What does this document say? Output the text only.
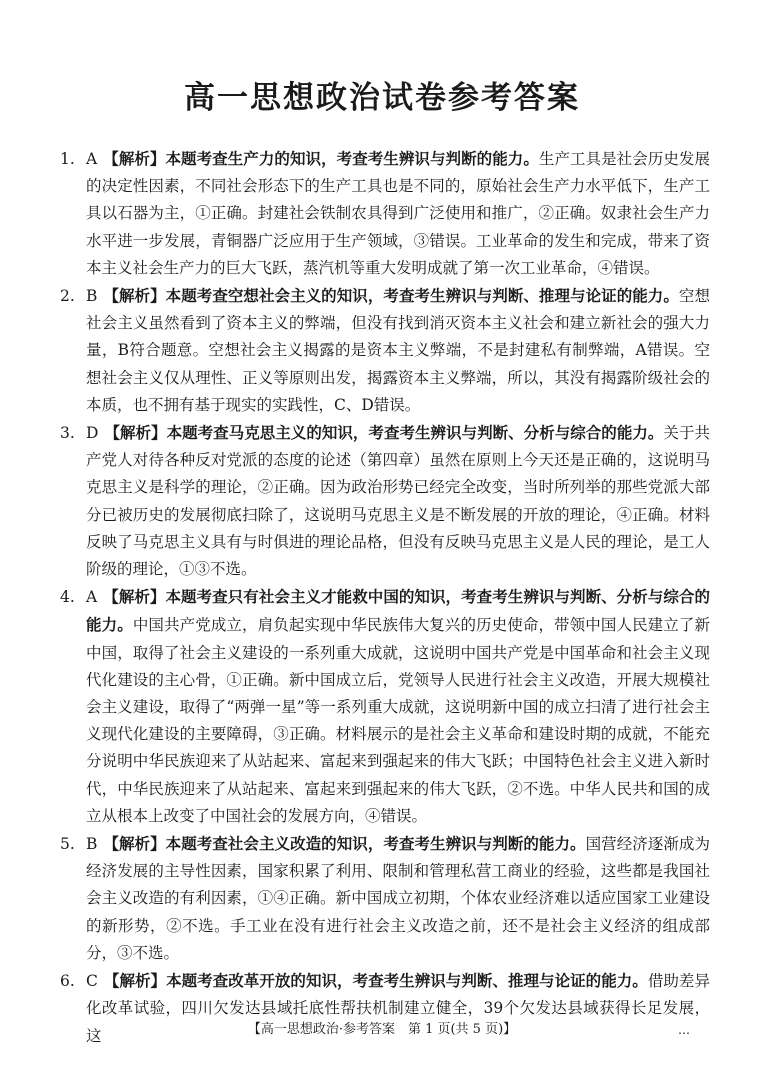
高一思想政治试卷参考答案

1. A 【解析】本题考查生产力的知识，考查考生辨识与判断的能力。生产工具是社会历史发展的决定性因素，不同社会形态下的生产工具也是不同的，原始社会生产力水平低下，生产工具以石器为主，①正确。封建社会铁制农具得到广泛使用和推广，②正确。奴隶社会生产力水平进一步发展，青铜器广泛应用于生产领域，③错误。工业革命的发生和完成，带来了资本主义社会生产力的巨大飞跃，蒸汽机等重大发明成就了第一次工业革命，④错误。

2. B 【解析】本题考查空想社会主义的知识，考查考生辨识与判断、推理与论证的能力。空想社会主义虽然看到了资本主义的弊端，但没有找到消灭资本主义社会和建立新社会的强大力量，B符合题意。空想社会主义揭露的是资本主义弊端，不是封建私有制弊端，A错误。空想社会主义仅从理性、正义等原则出发，揭露资本主义弊端，所以，其没有揭露阶级社会的本质，也不拥有基于现实的实践性，C、D错误。

3. D 【解析】本题考查马克思主义的知识，考查考生辨识与判断、分析与综合的能力。关于共产党人对待各种反对党派的态度的论述（第四章）虽然在原则上今天还是正确的，这说明马克思主义是科学的理论，②正确。因为政治形势已经完全改变，当时所列举的那些党派大部分已被历史的发展彻底扫除了，这说明马克思主义是不断发展的开放的理论，④正确。材料反映了马克思主义具有与时俱进的理论品格，但没有反映马克思主义是人民的理论，是工人阶级的理论，①③不选。

4. A 【解析】本题考查只有社会主义才能救中国的知识，考查考生辨识与判断、分析与综合的能力。中国共产党成立，肩负起实现中华民族伟大复兴的历史使命，带领中国人民建立了新中国，取得了社会主义建设的一系列重大成就，这说明中国共产党是中国革命和社会主义现代化建设的主心骨，①正确。新中国成立后，党领导人民进行社会主义改造，开展大规模社会主义建设，取得了“两弹一星”等一系列重大成就，这说明新中国的成立扫清了进行社会主义现代化建设的主要障碍，③正确。材料展示的是社会主义革命和建设时期的成就，不能充分说明中华民族迎来了从站起来、富起来到强起来的伟大飞跃；中国特色社会主义进入新时代，中华民族迎来了从站起来、富起来到强起来的伟大飞跃，②不选。中华人民共和国的成立从根本上改变了中国社会的发展方向，④错误。

5. B 【解析】本题考查社会主义改造的知识，考查考生辨识与判断的能力。国营经济逐渐成为经济发展的主导性因素，国家积累了利用、限制和管理私营工商业的经验，这些都是我国社会主义改造的有利因素，①④正确。新中国成立初期，个体农业经济难以适应国家工业建设的新形势，②不选。手工业在没有进行社会主义改造之前，还不是社会主义经济的组成部分，③不选。

6. C 【解析】本题考查改革开放的知识，考查考生辨识与判断、推理与论证的能力。借助差异化改革试验，四川欠发达县域托底性帮扶机制建立健全，39个欠发达县域获得长足发展，这	【高一思想政治·参考答案　第 1 页(共 5 页)】	…
